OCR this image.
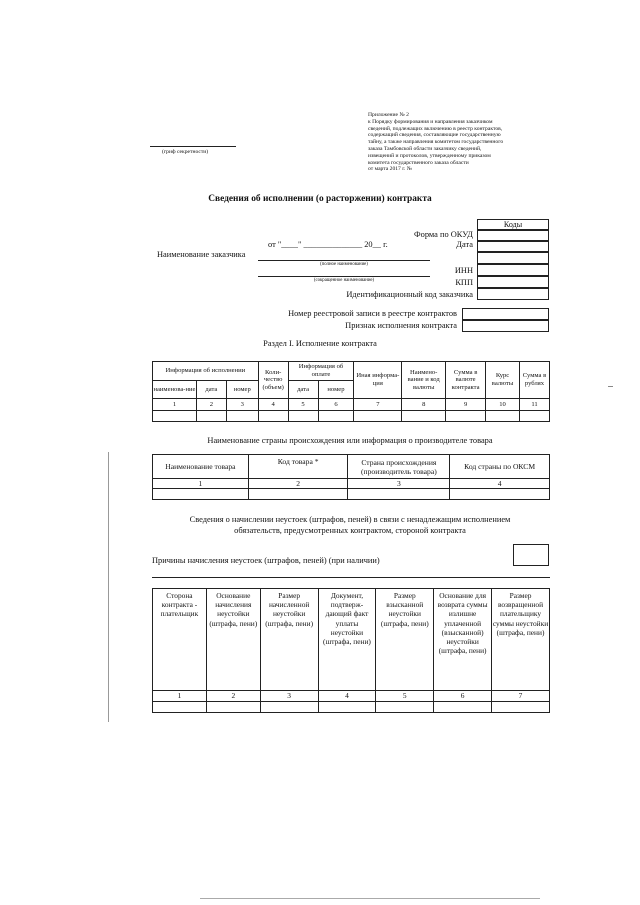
(гриф секретности)
Приложение № 2
к Порядку формирования и направления заказчиком
сведений, подлежащих включению в реестр контрактов,
содержащий сведения, составляющие государственную
тайну, а также направления комитетом государственного
заказа Тамбовской области заказчику сведений,
извещений и протоколов, утвержденному приказом
комитета государственного заказа области
от марта 2017 г. №
Сведения об исполнении (о расторжении) контракта
Коды
Форма по ОКУД
Дата
от "____" ______________ 20__ г.
Наименование заказчика
(полное наименование)
(сокращенное наименование)
ИНН
КПП
Идентификационный код заказчика
Номер реестровой записи в реестре контрактов
Признак исполнения контракта
Раздел I. Исполнение контракта
Информация об исполнении			Коли-чество (объем)	Информация об оплате		Иная информа-ция	Наимено-вание и код валюты	Сумма в валюте контракта	Курс валюты	Сумма в рублях
наименова-ние	дата	номер		дата	номер					
1	2	3	4	5	6	7	8	9	10	11

Наименование страны происхождения или информация о производителе товара
Наименование товара	Код товара *	Страна происхождения (производитель товара)	Код страны по ОКСМ
1	2	3	4

Сведения о начислении неустоек (штрафов, пеней) в связи с ненадлежащим исполнением
обязательств, предусмотренных контрактом, стороной контракта
Причины начисления неустоек (штрафов, пеней) (при наличии)
Сторона контракта - плательщик	Основание начисления неустойки (штрафа, пени)	Размер начисленной неустойки (штрафа, пени)	Документ, подтверж-дающий факт уплаты неустойки (штрафа, пени)	Размер взысканной неустойки (штрафа, пени)	Основание для возврата суммы излишне уплаченной (взысканной) неустойки (штрафа, пени)	Размер возвращенной плательщику суммы неустойки (штрафа, пени)
1	2	3	4	5	6	7
